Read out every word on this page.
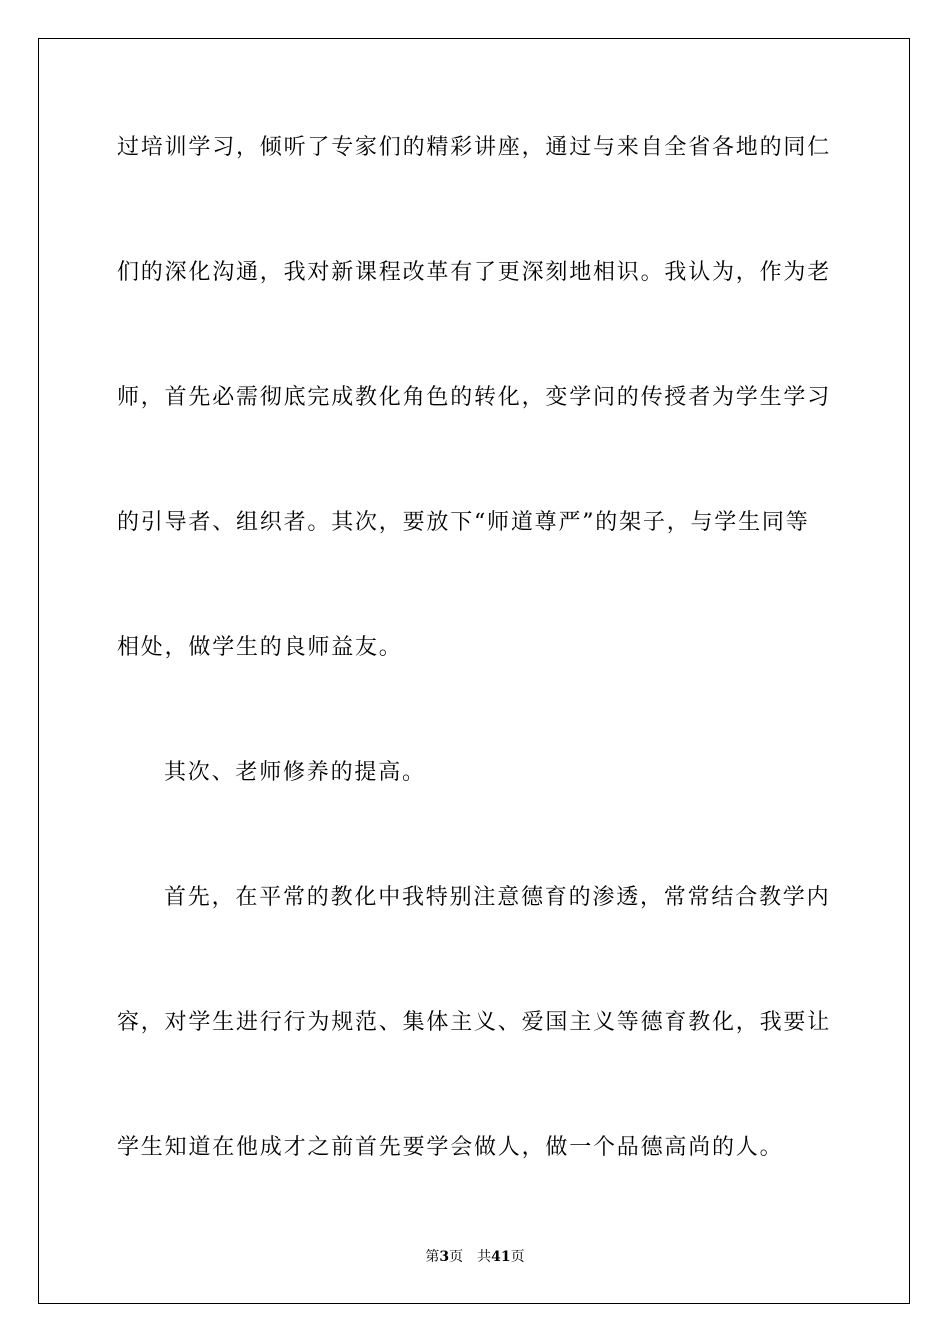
过培训学习，倾听了专家们的精彩讲座，通过与来自全省各地的同仁
们的深化沟通，我对新课程改革有了更深刻地相识。我认为，作为老
师，首先必需彻底完成教化角色的转化，变学问的传授者为学生学习
的引导者、组织者。其次，要放下“师道尊严”的架子，与学生同等
相处，做学生的良师益友。
其次、老师修养的提高。
首先，在平常的教化中我特别注意德育的渗透，常常结合教学内
容，对学生进行行为规范、集体主义、爱国主义等德育教化，我要让
学生知道在他成才之前首先要学会做人，做一个品德高尚的人。
第3页 共41页
